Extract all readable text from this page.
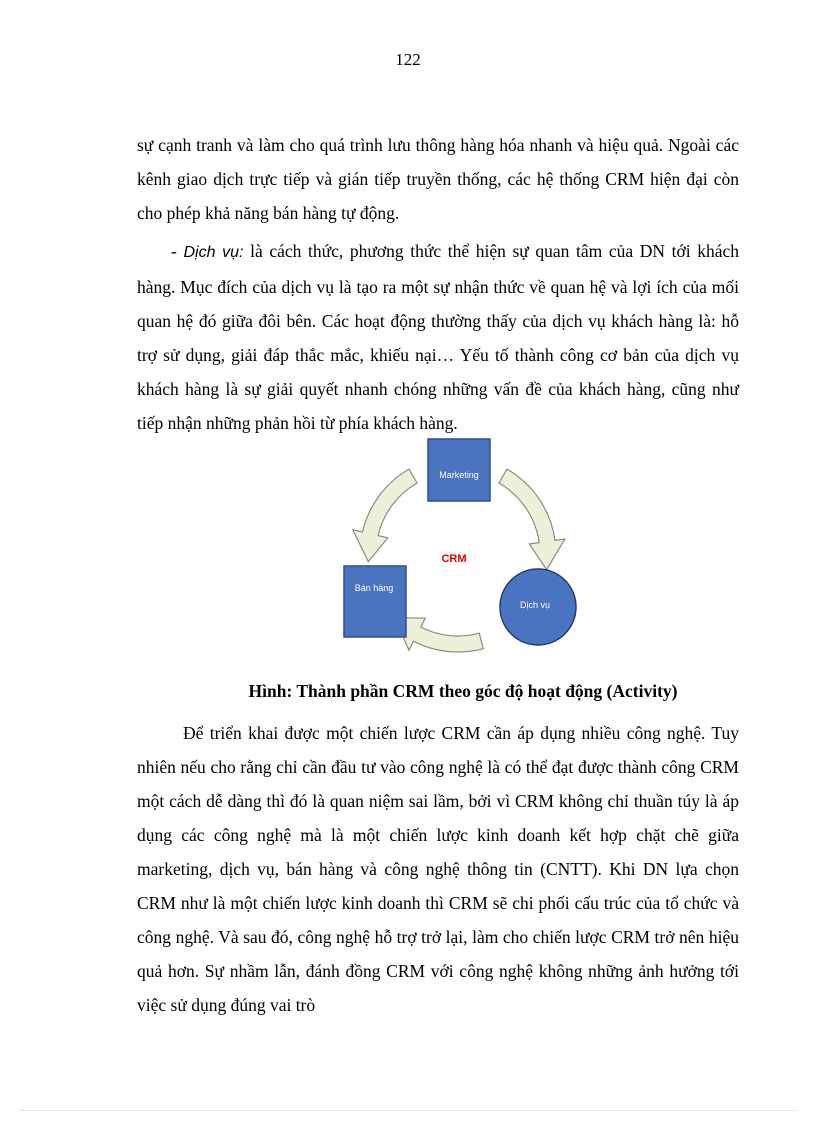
122

sự cạnh tranh và làm cho quá trình lưu thông hàng hóa nhanh và hiệu quả. Ngoài các kênh giao dịch trực tiếp và gián tiếp truyền thống, các hệ thống CRM hiện đại còn cho phép khả năng bán hàng tự động.

- Dịch vụ: là cách thức, phương thức thể hiện sự quan tâm của DN tới khách hàng. Mục đích của dịch vụ là tạo ra một sự nhận thức về quan hệ và lợi ích của mối quan hệ đó giữa đôi bên. Các hoạt động thường thấy của dịch vụ khách hàng là: hỗ trợ sử dụng, giải đáp thắc mắc, khiếu nại… Yếu tố thành công cơ bản của dịch vụ khách hàng là sự giải quyết nhanh chóng những vấn đề của khách hàng, cũng như tiếp nhận những phản hồi từ phía khách hàng.

Marketing
Bán hàng
Dịch vụ
CRM
Hình: Thành phần CRM theo góc độ hoạt động (Activity)

Để triển khai được một chiến lược CRM cần áp dụng nhiều công nghệ. Tuy nhiên nếu cho rằng chỉ cần đầu tư vào công nghệ là có thể đạt được thành công CRM một cách dễ dàng thì đó là quan niệm sai lầm, bởi vì CRM không chỉ thuần túy là áp dụng các công nghệ mà là một chiến lược kinh doanh kết hợp chặt chẽ giữa marketing, dịch vụ, bán hàng và công nghệ thông tin (CNTT). Khi DN lựa chọn CRM như là một chiến lược kinh doanh thì CRM sẽ chi phối cấu trúc của tổ chức và công nghệ. Và sau đó, công nghệ hỗ trợ trở lại, làm cho chiến lược CRM trở nên hiệu quả hơn. Sự nhầm lẫn, đánh đồng CRM với công nghệ không những ảnh hưởng tới việc sử dụng đúng vai trò
